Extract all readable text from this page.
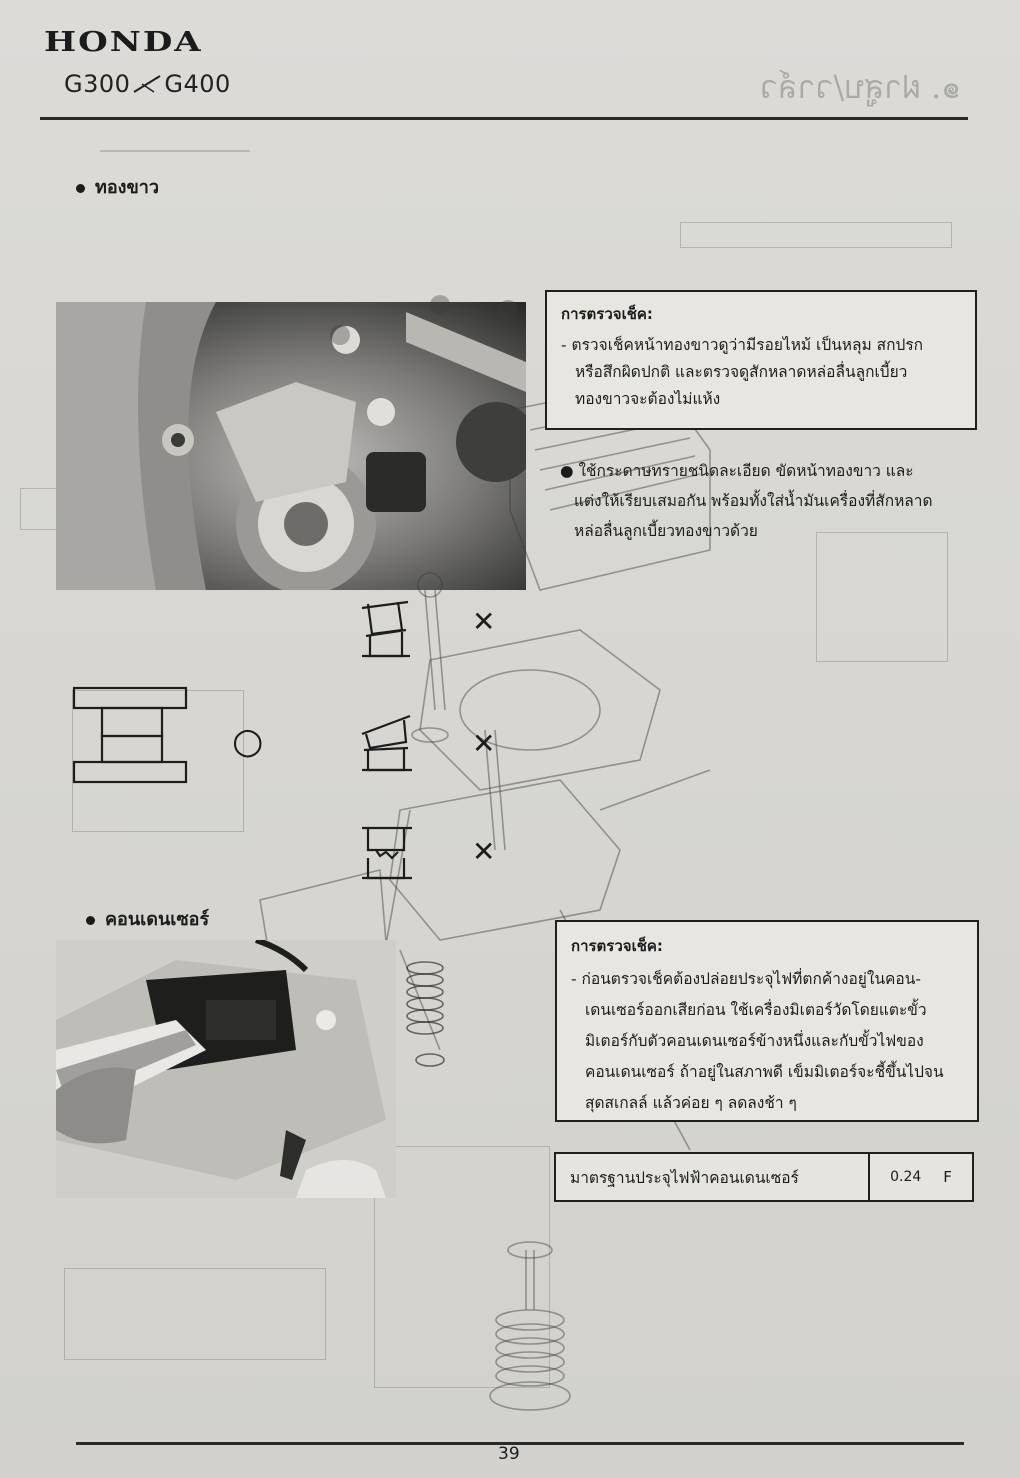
๑. ฝาสูบ/วาล์ว
HONDA
G300 G400
ทองขาว
การตรวจเช็ค:
- ตรวจเช็คหน้าทองขาวดูว่ามีรอยไหม้ เป็นหลุม สกปรก
หรือสึกผิดปกติ และตรวจดูสักหลาดหล่อลื่นลูกเบี้ยว
ทองขาวจะต้องไม่แห้ง
● ใช้กระดาษทรายชนิดละเอียด ขัดหน้าทองขาว และ
แต่งให้เรียบเสมอกัน พร้อมทั้งใส่น้ำมันเครื่องที่สักหลาด
หล่อลื่นลูกเบี้ยวทองขาวด้วย
○
✕
✕
✕
คอนเดนเซอร์
การตรวจเช็ค:
- ก่อนตรวจเช็คต้องปล่อยประจุไฟที่ตกค้างอยู่ในคอน-
เดนเซอร์ออกเสียก่อน ใช้เครื่องมิเตอร์วัดโดยแตะขั้ว
มิเตอร์กับตัวคอนเดนเซอร์ข้างหนึ่งและกับขั้วไฟของ
คอนเดนเซอร์ ถ้าอยู่ในสภาพดี เข็มมิเตอร์จะชี้ขึ้นไปจน
สุดสเกลล์ แล้วค่อย ๆ ลดลงช้า ๆ
มาตรฐานประจุไฟฟ้าคอนเดนเซอร์	0.24 F
39
